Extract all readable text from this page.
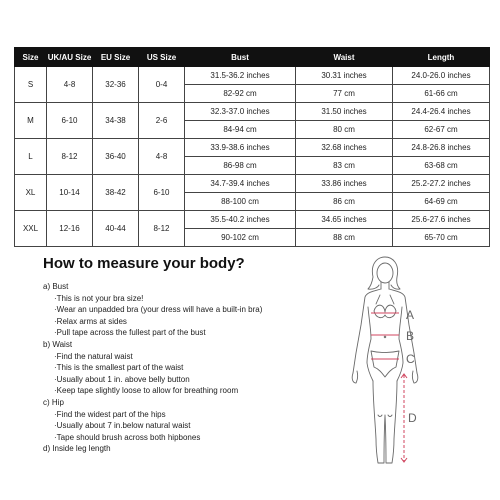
Size	UK/AU Size	EU Size	US Size	Bust	Waist	Length
S	4-8	32-36	0-4	31.5-36.2 inches	30.31 inches	24.0-26.0 inches
				82-92 cm	77 cm	61-66 cm
M	6-10	34-38	2-6	32.3-37.0 inches	31.50 inches	24.4-26.4 inches
				84-94 cm	80 cm	62-67 cm
L	8-12	36-40	4-8	33.9-38.6 inches	32.68 inches	24.8-26.8 inches
				86-98 cm	83 cm	63-68 cm
XL	10-14	38-42	6-10	34.7-39.4 inches	33.86 inches	25.2-27.2 inches
				88-100 cm	86 cm	64-69 cm
XXL	12-16	40-44	8-12	35.5-40.2 inches	34.65 inches	25.6-27.6 inches
				90-102 cm	88 cm	65-70 cm
How to measure your body?
a) Bust
·This is not your bra size!
·Wear an unpadded bra (your dress will have a built-in bra)
·Relax arms at sides
·Pull tape across the fullest part of the bust
b) Waist
·Find the natural waist
·This is the smallest part of the waist
·Usually about 1 in. above belly button
·Keep tape slightly loose to allow for breathing room
c) Hip
·Find the widest part of the hips
·Usually about 7 in.below natural waist
·Tape should brush across both hipbones
d) Inside leg length
A
B
C
D
